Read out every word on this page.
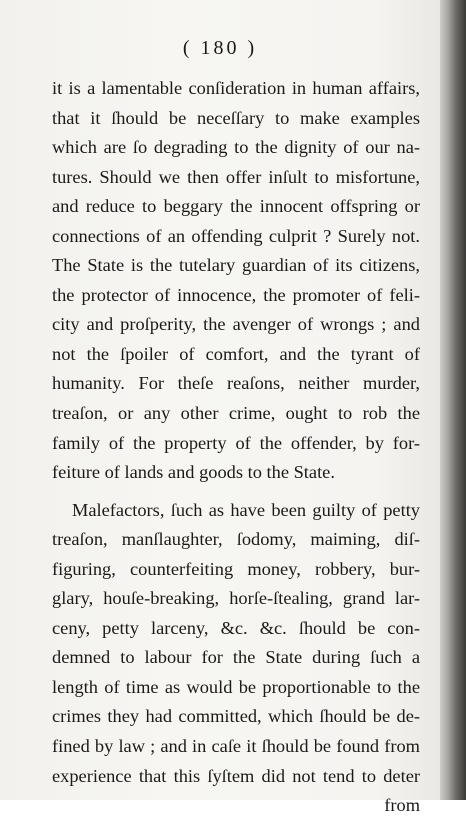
( 180 )
it is a lamentable conſideration in human affairs,
that it ſhould be neceſſary to make examples
which are ſo degrading to the dignity of our na-
tures. Should we then offer inſult to misfortune,
and reduce to beggary the innocent offspring or
connections of an offending culprit ? Surely not.
The State is the tutelary guardian of its citizens,
the protector of innocence, the promoter of feli-
city and proſperity, the avenger of wrongs ; and
not the ſpoiler of comfort, and the tyrant of
humanity. For theſe reaſons, neither murder,
treaſon, or any other crime, ought to rob the
family of the property of the offender, by for-
feiture of lands and goods to the State.
Malefactors, ſuch as have been guilty of petty
treaſon, manſlaughter, ſodomy, maiming, diſ-
figuring, counterfeiting money, robbery, bur-
glary, houſe-breaking, horſe-ſtealing, grand lar-
ceny, petty larceny, &c. &c. ſhould be con-
demned to labour for the State during ſuch a
length of time as would be proportionable to the
crimes they had committed, which ſhould be de-
fined by law ; and in caſe it ſhould be found from
experience that this ſyſtem did not tend to deter
from
